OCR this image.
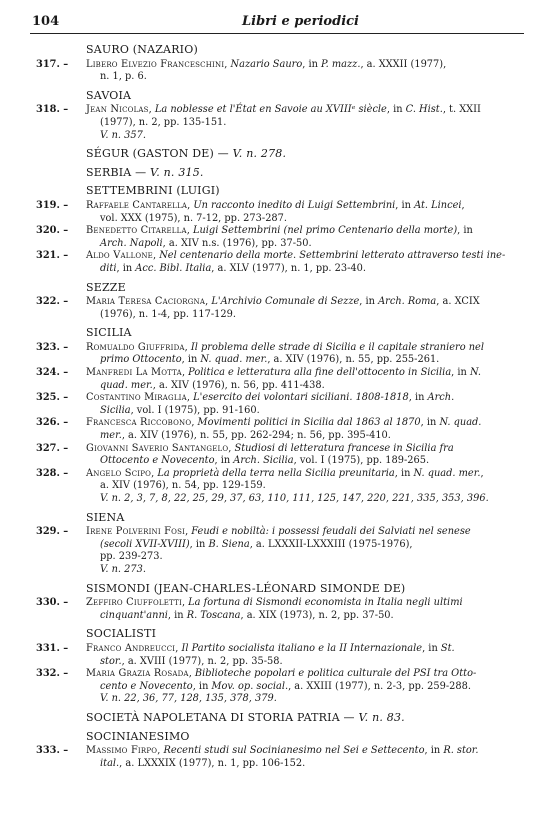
104	Libri e periodici
SAURO (NAZARIO)
317. – Libero Elvezio Franceschini, Nazario Sauro, in P. mazz., a. XXXII (1977),
n. 1, p. 6.
SAVOIA
318. – Jean Nicolas, La noblesse et l'État en Savoie au XVIIIᵉ siècle, in C. Hist., t. XXII
(1977), n. 2, pp. 135-151.
V. n. 357.
SÉGUR (GASTON DE) — V. n. 278.
SERBIA — V. n. 315.
SETTEMBRINI (LUIGI)
319. – Raffaele Cantarella, Un racconto inedito di Luigi Settembrini, in At. Lincei,
vol. XXX (1975), n. 7-12, pp. 273-287.
320. – Benedetto Citarella, Luigi Settembrini (nel primo Centenario della morte), in
Arch. Napoli, a. XIV n.s. (1976), pp. 37-50.
321. – Aldo Vallone, Nel centenario della morte. Settembrini letterato attraverso testi ine-
diti, in Acc. Bibl. Italia, a. XLV (1977), n. 1, pp. 23-40.
SEZZE
322. – Maria Teresa Caciorgna, L'Archivio Comunale di Sezze, in Arch. Roma, a. XCIX
(1976), n. 1-4, pp. 117-129.
SICILIA
323. – Romualdo Giuffrida, Il problema delle strade di Sicilia e il capitale straniero nel
primo Ottocento, in N. quad. mer., a. XIV (1976), n. 55, pp. 255-261.
324. – Manfredi La Motta, Politica e letteratura alla fine dell'ottocento in Sicilia, in N.
quad. mer., a. XIV (1976), n. 56, pp. 411-438.
325. – Costantino Miraglia, L'esercito dei volontari siciliani. 1808-1818, in Arch.
Sicilia, vol. I (1975), pp. 91-160.
326. – Francesca Riccobono, Movimenti politici in Sicilia dal 1863 al 1870, in N. quad.
mer., a. XIV (1976), n. 55, pp. 262-294; n. 56, pp. 395-410.
327. – Giovanni Saverio Santangelo, Studiosi di letteratura francese in Sicilia fra
Ottocento e Novecento, in Arch. Sicilia, vol. I (1975), pp. 189-265.
328. – Angelo Scipo, La proprietà della terra nella Sicilia preunitaria, in N. quad. mer.,
a. XIV (1976), n. 54, pp. 129-159.
V. n. 2, 3, 7, 8, 22, 25, 29, 37, 63, 110, 111, 125, 147, 220, 221, 335, 353, 396.
SIENA
329. – Irene Polverini Fosi, Feudi e nobiltà: i possessi feudali dei Salviati nel senese
(secoli XVII-XVIII), in B. Siena, a. LXXXII-LXXXIII (1975-1976),
pp. 239-273.
V. n. 273.
SISMONDI (JEAN-CHARLES-LÉONARD SIMONDE DE)
330. – Zeffiro Ciuffoletti, La fortuna di Sismondi economista in Italia negli ultimi
cinquant'anni, in R. Toscana, a. XIX (1973), n. 2, pp. 37-50.
SOCIALISTI
331. – Franco Andreucci, Il Partito socialista italiano e la II Internazionale, in St.
stor., a. XVIII (1977), n. 2, pp. 35-58.
332. – Maria Grazia Rosada, Biblioteche popolari e politica culturale del PSI tra Otto-
cento e Novecento, in Mov. op. social., a. XXIII (1977), n. 2-3, pp. 259-288.
V. n. 22, 36, 77, 128, 135, 378, 379.
SOCIETÀ NAPOLETANA DI STORIA PATRIA — V. n. 83.
SOCINIANESIMO
333. – Massimo Firpo, Recenti studi sul Socinianesimo nel Sei e Settecento, in R. stor.
ital., a. LXXXIX (1977), n. 1, pp. 106-152.
